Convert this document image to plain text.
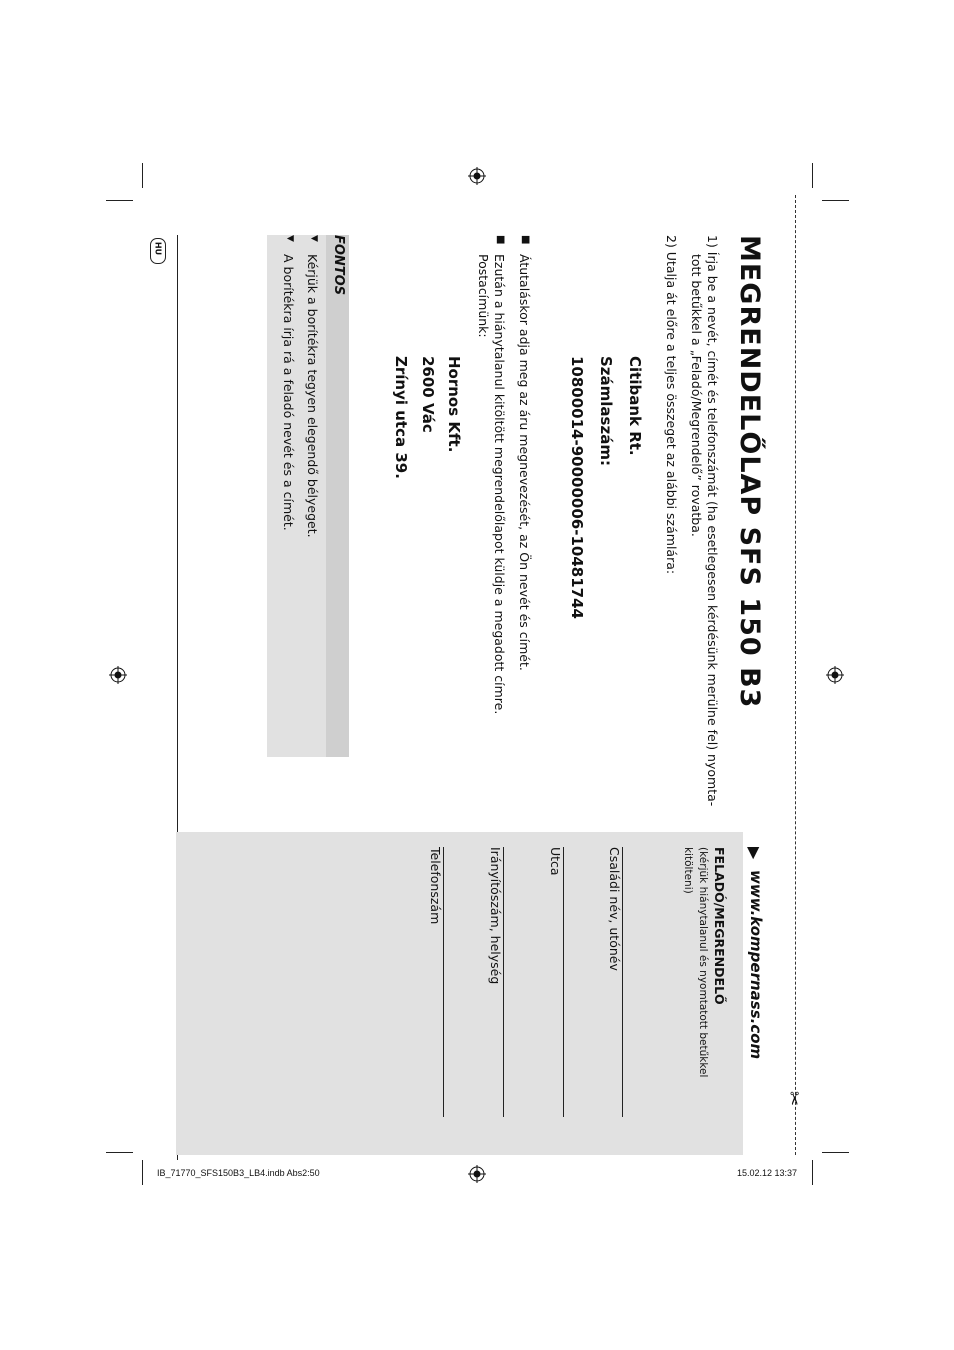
✂
HU
IB_71770_SFS150B3_LB4.indb Abs2:50	15.02.12 13:37
MEGRENDELŐLAP SFS 150 B3
1) Írja be a nevét, címét és telefonszámát (ha esetlegesen kérdésünk merülne fel) nyomta-
tott betűkkel a „Feladó/Megrendelő” rovatba.
2) Utalja át előre a teljes összeget az alábbi számlára:
Citibank Rt.
Számlaszám:
10800014-90000006-10481744
■
Átutaláskor adja meg az áru megnevezését, az Ön nevét és címét.
■
Ezután a hiánytalanul kitöltött megrendelőlapot küldje a megadott címre.
Postacímünk:
Hornos Kft.
2600 Vác
Zrínyi utca 39.
FONTOS
▼
Kérjük a borítékra tegyen elegendő bélyeget.
▼
A borítékra írja rá a feladó nevét és a címét.
▶
www.kompernass.com
FELADÓ/MEGRENDELŐ
(kérjük hiánytalanul és nyomtatott betűkkel
kitölteni)
Családi név, utónév
Utca
Irányítószám, helység
Telefonszám
